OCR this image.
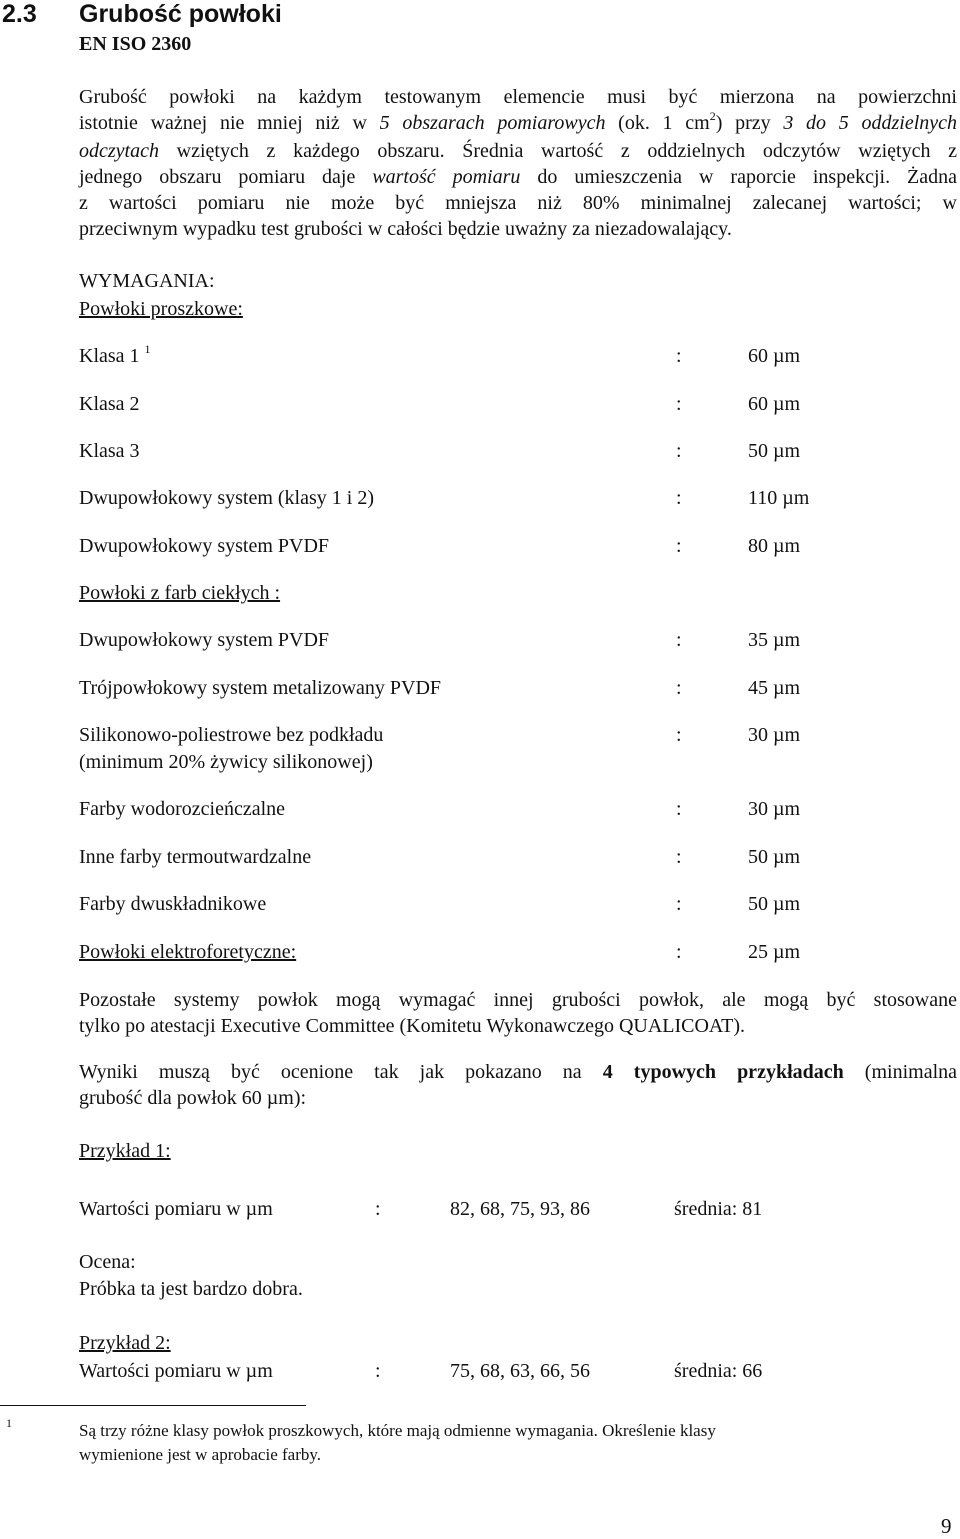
2.3 Grubość powłoki
EN ISO 2360
Grubość powłoki na każdym testowanym elemencie musi być mierzona na powierzchni
istotnie ważnej nie mniej niż w 5 obszarach pomiarowych (ok. 1 $cm^2$) przy 3 do 5 oddzielnych
odczytach wziętych z każdego obszaru. Średnia wartość z oddzielnych odczytów wziętych z
jednego obszaru pomiaru daje wartość pomiaru do umieszczenia w raporcie inspekcji. Żadna
z wartości pomiaru nie może być mniejsza niż 80% minimalnej zalecanej wartości; w
przeciwnym wypadku test grubości w całości będzie uważny za niezadowalający.
WYMAGANIA:
Powłoki proszkowe:
Klasa 1 $^1$	:	60 µm
Klasa 2	:	60 µm
Klasa 3	:	50 µm
Dwupowłokowy system (klasy 1 i 2)	:	110 µm
Dwupowłokowy system PVDF	:	80 µm
Powłoki z farb ciekłych :
Dwupowłokowy system PVDF	:	35 µm
Trójpowłokowy system metalizowany PVDF	:	45 µm
Silikonowo-poliestrowe bez podkładu
(minimum 20% żywicy silikonowej)
:	30 µm
Farby wodorozcieńczalne	:	30 µm
Inne farby termoutwardzalne	:	50 µm
Farby dwuskładnikowe	:	50 µm
Powłoki elektroforetyczne:	:	25 µm
Pozostałe systemy powłok mogą wymagać innej grubości powłok, ale mogą być stosowane
tylko po atestacji Executive Committee (Komitetu Wykonawczego QUALICOAT).
Wyniki muszą być ocenione tak jak pokazano na 4 typowych przykładach (minimalna
grubość dla powłok 60 µm):
Przykład 1:
Wartości pomiaru w µm	:	82, 68, 75, 93, 86	średnia: 81
Ocena:
Próbka ta jest bardzo dobra.
Przykład 2:
Wartości pomiaru w µm	:	75, 68, 63, 66, 56	średnia: 66
1	Są trzy różne klasy powłok proszkowych, które mają odmienne wymagania. Określenie klasy
wymienione jest w aprobacie farby.
9
